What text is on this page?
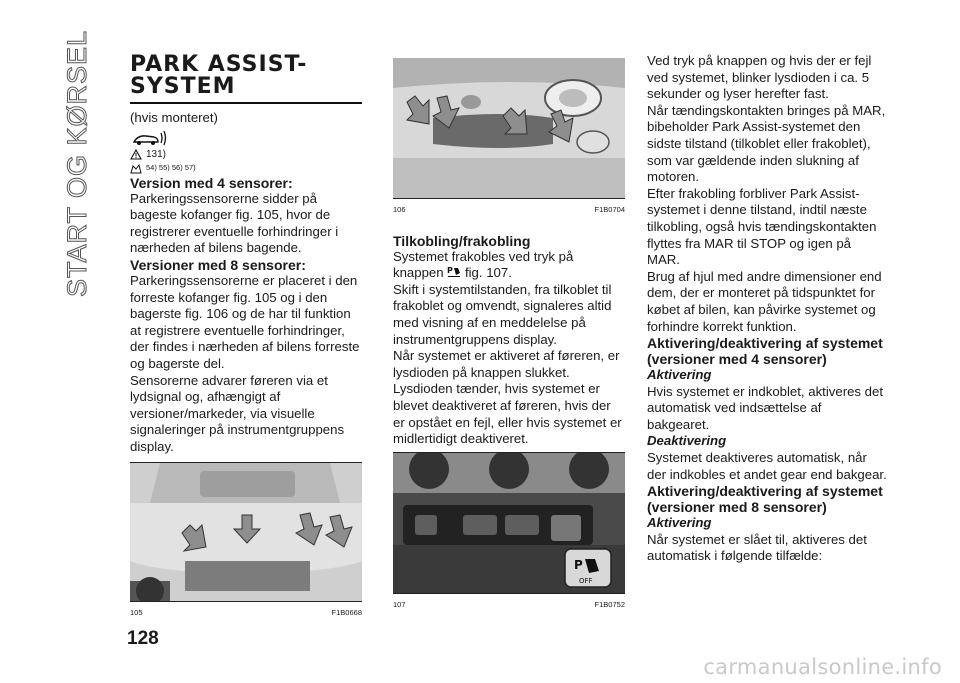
START OG KØRSEL PARK ASSIST-

SYSTEM

(hvis monteret)

131)
54) 55) 56) 57)

Version med 4 sensorer:

Parkeringssensorerne sidder på bageste kofanger fig. 105, hvor de registrerer eventuelle forhindringer i nærheden af bilens bagende.

Versioner med 8 sensorer:

Parkeringssensorerne er placeret i den forreste kofanger fig. 105 og i den bagerste fig. 106 og de har til funktion at registrere eventuelle forhindringer, der findes i nærheden af bilens forreste og bagerste del.

Sensorerne advarer føreren via et lydsignal og, afhængigt af versioner/markeder, via visuelle signaleringer på instrumentgruppens display.

105	F1B0668
106	F1B0704

Tilkobling/frakobling

Systemet frakobles ved tryk på knappen P fig. 107.

Skift i systemtilstanden, fra tilkoblet til frakoblet og omvendt, signaleres altid med visning af en meddelelse på instrumentgruppens display.

Når systemet er aktiveret af føreren, er lysdioden på knappen slukket.

Lysdioden tænder, hvis systemet er blevet deaktiveret af føreren, hvis der er opstået en fejl, eller hvis systemet er midlertidigt deaktiveret.

P
OFF
107	F1B0752

Ved tryk på knappen og hvis der er fejl ved systemet, blinker lysdioden i ca. 5 sekunder og lyser herefter fast.

Når tændingskontakten bringes på MAR, bibeholder Park Assist-systemet den sidste tilstand (tilkoblet eller frakoblet), som var gældende inden slukning af motoren.

Efter frakobling forbliver Park Assist-systemet i denne tilstand, indtil næste tilkobling, også hvis tændingskontakten flyttes fra MAR til STOP og igen på MAR.

Brug af hjul med andre dimensioner end dem, der er monteret på tidspunktet for købet af bilen, kan påvirke systemet og forhindre korrekt funktion.

Aktivering/deaktivering af systemet (versioner med 4 sensorer)

Aktivering

Hvis systemet er indkoblet, aktiveres det automatisk ved indsættelse af bakgearet.

Deaktivering

Systemet deaktiveres automatisk, når der indkobles et andet gear end bakgear.

Aktivering/deaktivering af systemet (versioner med 8 sensorer)

Aktivering

Når systemet er slået til, aktiveres det automatisk i følgende tilfælde:

128
carmanualsonline.info
